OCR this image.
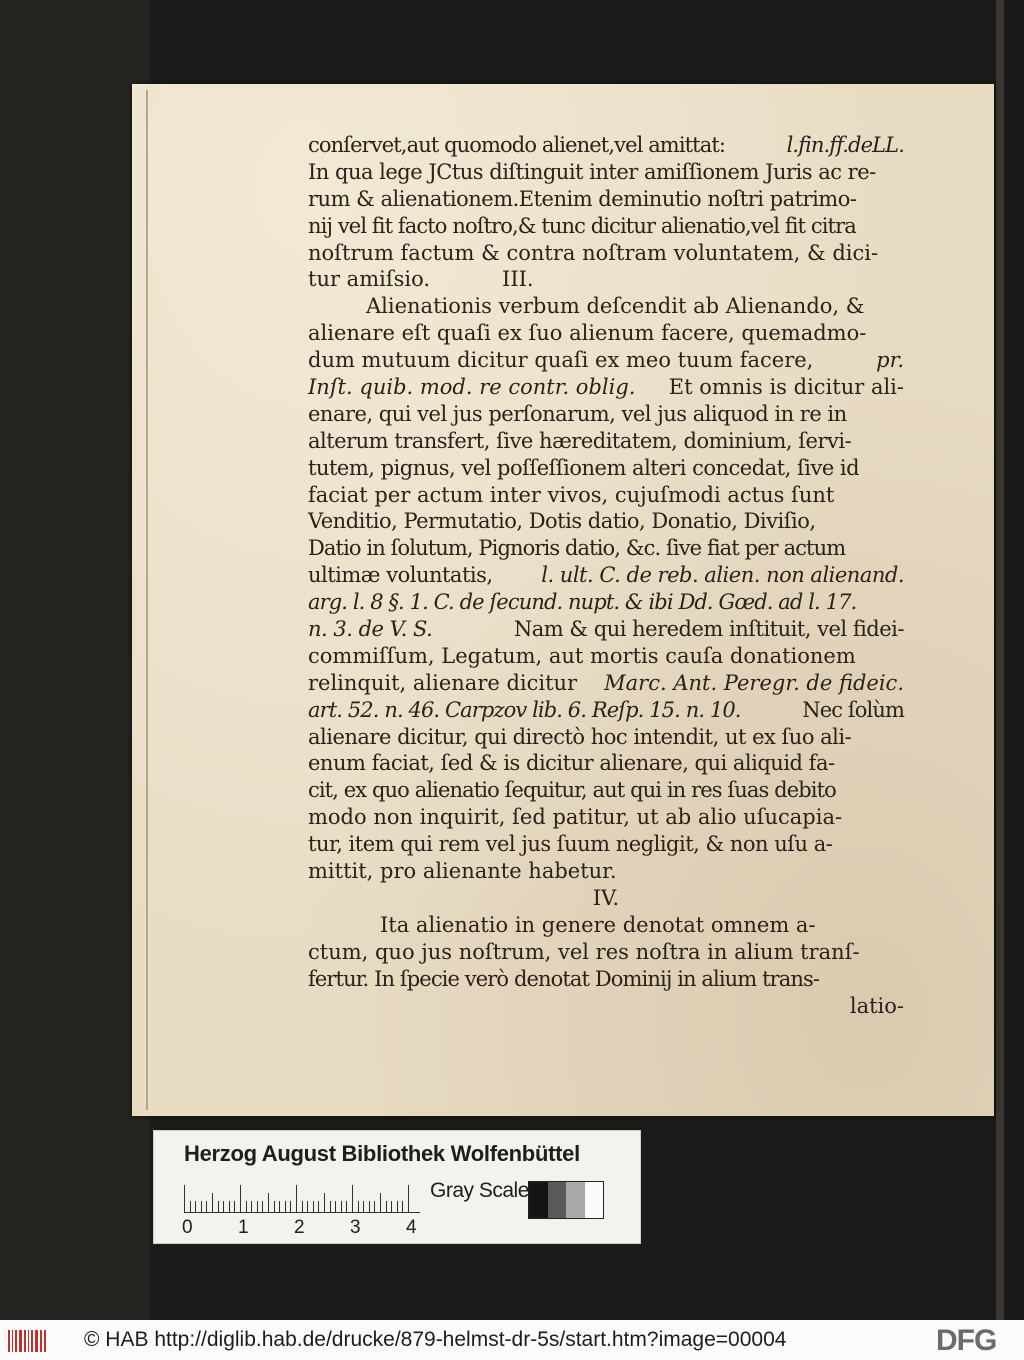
conſervet,aut quomodo alienet,vel amittat:	l.fin.ff.deLL.
In qua lege JCtus diſtinguit inter amiſſionem Juris ac re-
rum & alienationem.Etenim deminutio noſtri patrimo-
nij vel fit facto noſtro,& tunc dicitur alienatio,vel fit citra
noſtrum factum & contra noſtram voluntatem, & dici-
tur amiſsio.	III.
Alienationis verbum deſcendit ab Alienando, &
alienare eſt quaſi ex ſuo alienum facere, quemadmo-
dum mutuum dicitur quaſi ex meo tuum facere,	pr.
Inſt. quib. mod. re contr. oblig. Et omnis is dicitur ali-
enare, qui vel jus perſonarum, vel jus aliquod in re in
alterum transfert, ſive hæreditatem, dominium, ſervi-
tutem, pignus, vel poſſeſſionem alteri concedat, ſive id
faciat per actum inter vivos, cujuſmodi actus ſunt
Venditio, Permutatio, Dotis datio, Donatio, Diviſio,
Datio in ſolutum, Pignoris datio, &c. ſive fiat per actum
ultimæ voluntatis, l. ult. C. de reb. alien. non alienand.
arg. l. 8 §. 1. C. de ſecund. nupt. & ibi Dd. Gœd. ad l. 17.
n. 3. de V. S.	Nam & qui heredem inſtituit, vel fidei-
commiſſum, Legatum, aut mortis cauſa donationem
relinquit, alienare dicitur Marc. Ant. Peregr. de fideic.
art. 52. n. 46. Carpzov lib. 6. Reſp. 15. n. 10.	Nec ſolùm
alienare dicitur, qui directò hoc intendit, ut ex ſuo ali-
enum faciat, ſed & is dicitur alienare, qui aliquid fa-
cit, ex quo alienatio ſequitur, aut qui in res ſuas debito
modo non inquirit, ſed patitur, ut ab alio uſucapia-
tur, item qui rem vel jus ſuum negligit, & non uſu a-
mittit, pro alienante habetur.
IV.
Ita alienatio in genere denotat omnem a-
ctum, quo jus noſtrum, vel res noſtra in alium tranſ-
fertur. In ſpecie verò denotat Dominij in alium trans-
latio-
Herzog August Bibliothek Wolfenbüttel
0 1 2 3 4
Gray Scale
© HAB http://diglib.hab.de/drucke/879-helmst-dr-5s/start.htm?image=00004	DFG
